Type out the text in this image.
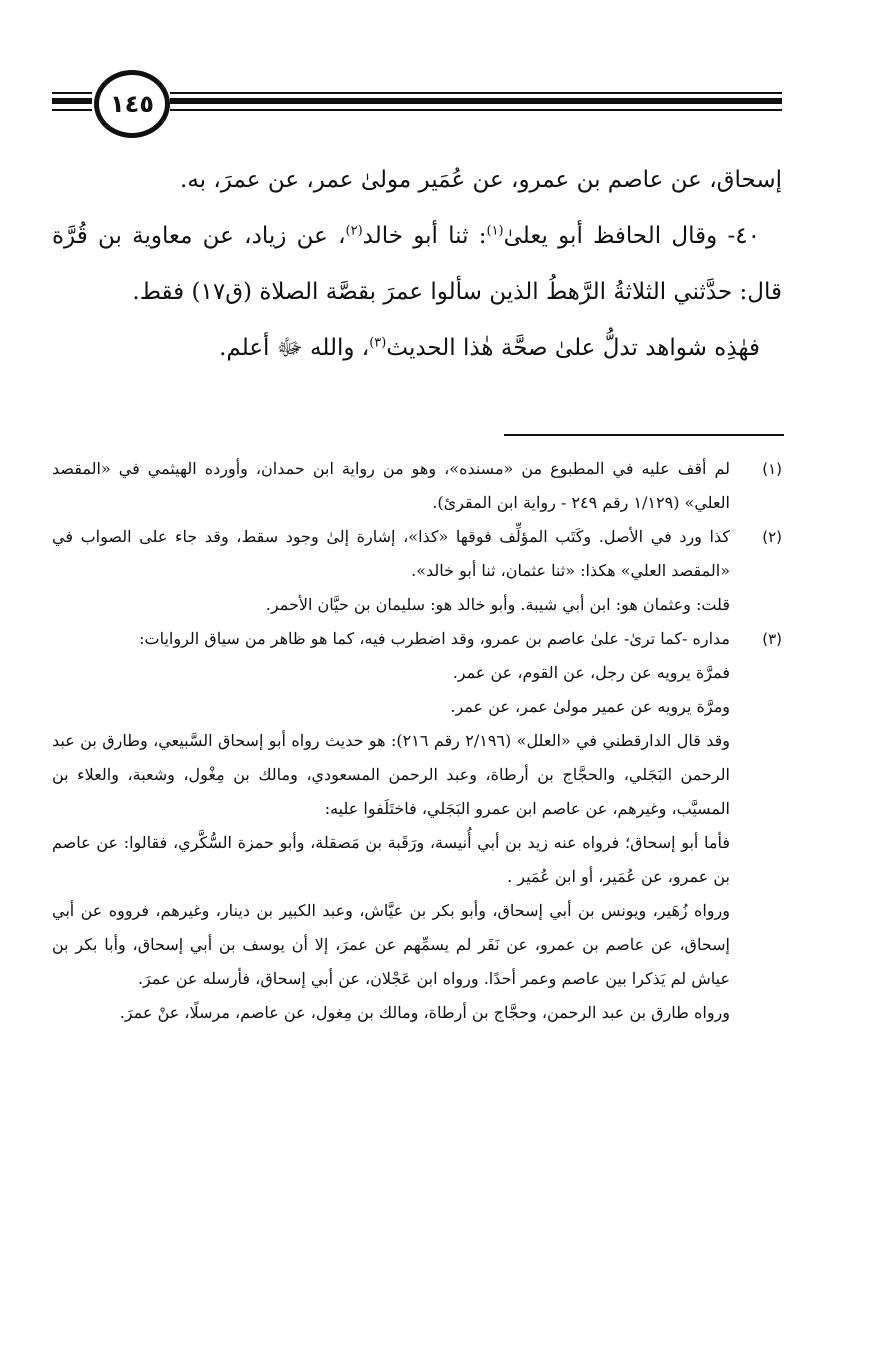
١٤٥

إسحاق، عن عاصم بن عمرو، عن عُمَير مولىٰ عمر، عن عمرَ، به.

٤٠- وقال الحافظ أبو يعلىٰ$^{(١)}$: ثنا أبو خالد$^{(٢)}$، عن زياد، عن معاوية بن قُرَّة قال: حدَّثني الثلاثةُ الرَّهطُ الذين سألوا عمرَ بقصَّة الصلاة (ق١٧) فقط.

فهٰذِه شواهد تدلُّ علىٰ صحَّة هٰذا الحديث$^{(٣)}$، والله ﷻ أعلم.

(١)

لم أقف عليه في المطبوع من «مسنده»، وهو من رواية ابن حمدان، وأورده الهيثمي في «المقصد العلي» (١/١٢٩ رقم ٢٤٩ - رواية ابن المقرئ).

(٢)

كذا ورد في الأصل. وكَتَب المؤلِّف فوقها «كذا»، إشارة إلىٰ وجود سقط، وقد جاء على الصواب في «المقصد العلي» هكذا: «ثنا عثمان، ثنا أبو خالد».

قلت: وعثمان هو: ابن أبي شيبة. وأبو خالد هو: سليمان بن حيَّان الأحمر.

(٣)

مداره -كما ترىٰ- علىٰ عاصم بن عمرو، وقد اضطرب فيه، كما هو ظاهر من سياق الروايات:

فمرَّة يرويه عن رجل، عن القوم، عن عمر.

ومرَّة يرويه عن عمير مولىٰ عمر، عن عمر.

وقد قال الدارقطني في «العلل» (٢/١٩٦ رقم ٢١٦): هو حديث رواه أبو إسحاق السَّبيعي، وطارق بن عبد الرحمن البَجَلي، والحجَّاج بن أرطاة، وعبد الرحمن المسعودي، ومالك بن مِغْول، وشعبة، والعلاء بن المسيَّب، وغيرهم، عن عاصم ابن عمرو البَجَلي، فاختَلَفوا عليه:

فأما أبو إسحاق؛ فرواه عنه زيد بن أبي أُنيسة، ورَقَبة بن مَصقلة، وأبو حمزة السُّكَّري، فقالوا: عن عاصم بن عمرو، عن عُمَير، أو ابن عُمَير .

ورواه زُهَير، ويونس بن أبي إسحاق، وأبو بكر بن عيَّاش، وعبد الكبير بن دينار، وغيرهم، فرووه عن أبي إسحاق، عن عاصم بن عمرو، عن نَفَر لم يسمِّهم عن عمرَ، إلا أن يوسف بن أبي إسحاق، وأبا بكر بن عياش لم يَذكرا بين عاصم وعمر أحدًا. ورواه ابن عَجْلان، عن أبي إسحاق، فأرسله عن عمرَ.

ورواه طارق بن عبد الرحمن، وحجَّاج بن أرطاة، ومالك بن مِغول، عن عاصم، مرسلًا، عنْ عمرَ.
